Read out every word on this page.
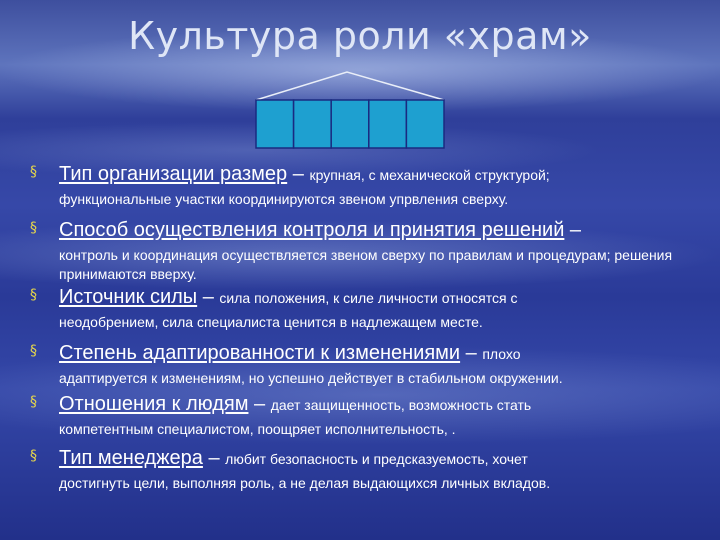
Культура роли «храм»
§ Тип организации размер – крупная, с механической структурой;
функциональные участки координируются звеном упрвления сверху.
§ Способ осуществления контроля и принятия решений –
контроль и координация осуществляется звеном сверху по правилам и процедурам; решения принимаются вверху.
§ Источник силы – сила положения, к силе личности относятся с
неодобрением, сила специалиста ценится в надлежащем месте.
§ Степень адаптированности к изменениями – плохо
адаптируется к изменениям, но успешно действует в стабильном окружении.
§ Отношения к людям – дает защищенность, возможность стать
компетентным специалистом, поощряет исполнительность, .
§ Тип менеджера – любит безопасность и предсказуемость, хочет
достигнуть цели, выполняя роль, а не делая выдающихся личных вкладов.
